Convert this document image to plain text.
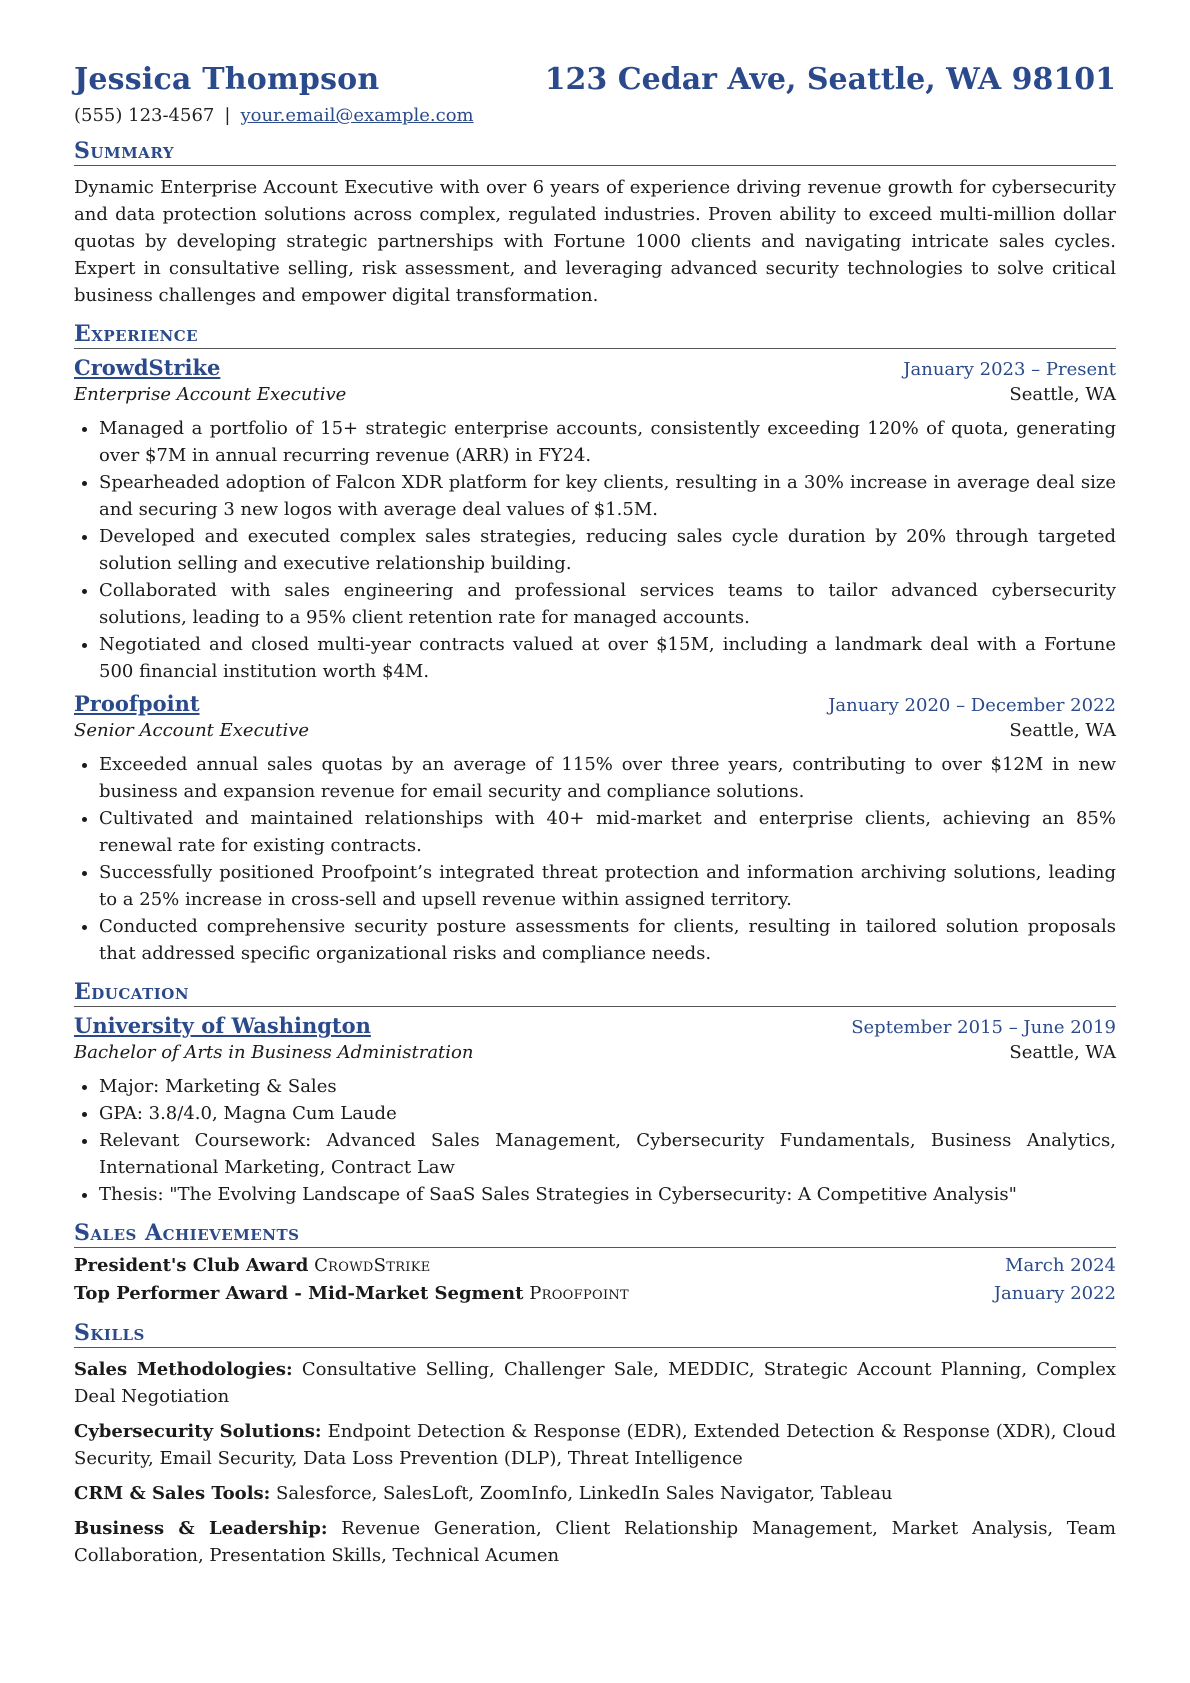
Jessica Thompson	123 Cedar Ave, Seattle, WA 98101
(555) 123-4567 | your.email@example.com
Summary
Dynamic Enterprise Account Executive with over 6 years of experience driving revenue growth for cybersecurity and data protection solutions across complex, regulated industries. Proven ability to exceed multi-million dollar quotas by developing strategic partnerships with Fortune 1000 clients and navigating intricate sales cycles. Expert in consultative selling, risk assessment, and leveraging advanced security technologies to solve critical business challenges and empower digital transformation.
Experience
CrowdStrike	January 2023 – Present
Enterprise Account Executive	Seattle, WA
• Managed a portfolio of 15+ strategic enterprise accounts, consistently exceeding 120% of quota, generating over $7M in annual recurring revenue (ARR) in FY24.
• Spearheaded adoption of Falcon XDR platform for key clients, resulting in a 30% increase in average deal size and securing 3 new logos with average deal values of $1.5M.
• Developed and executed complex sales strategies, reducing sales cycle duration by 20% through targeted solution selling and executive relationship building.
• Collaborated with sales engineering and professional services teams to tailor advanced cybersecurity solutions, leading to a 95% client retention rate for managed accounts.
• Negotiated and closed multi-year contracts valued at over $15M, including a landmark deal with a Fortune 500 financial institution worth $4M.
Proofpoint	January 2020 – December 2022
Senior Account Executive	Seattle, WA
• Exceeded annual sales quotas by an average of 115% over three years, contributing to over $12M in new business and expansion revenue for email security and compliance solutions.
• Cultivated and maintained relationships with 40+ mid-market and enterprise clients, achieving an 85% renewal rate for existing contracts.
• Successfully positioned Proofpoint’s integrated threat protection and information archiving solutions, leading to a 25% increase in cross-sell and upsell revenue within assigned territory.
• Conducted comprehensive security posture assessments for clients, resulting in tailored solution proposals that addressed specific organizational risks and compliance needs.
Education
University of Washington	September 2015 – June 2019
Bachelor of Arts in Business Administration	Seattle, WA
• Major: Marketing & Sales
• GPA: 3.8/4.0, Magna Cum Laude
• Relevant Coursework: Advanced Sales Management, Cybersecurity Fundamentals, Business Analytics, International Marketing, Contract Law
• Thesis: "The Evolving Landscape of SaaS Sales Strategies in Cybersecurity: A Competitive Analysis"
Sales Achievements
President's Club Award CrowdStrike	March 2024
Top Performer Award - Mid-Market Segment Proofpoint	January 2022
Skills
Sales Methodologies: Consultative Selling, Challenger Sale, MEDDIC, Strategic Account Planning, Complex Deal Negotiation
Cybersecurity Solutions: Endpoint Detection & Response (EDR), Extended Detection & Response (XDR), Cloud Security, Email Security, Data Loss Prevention (DLP), Threat Intelligence
CRM & Sales Tools: Salesforce, SalesLoft, ZoomInfo, LinkedIn Sales Navigator, Tableau
Business & Leadership: Revenue Generation, Client Relationship Management, Market Analysis, Team Collaboration, Presentation Skills, Technical Acumen
